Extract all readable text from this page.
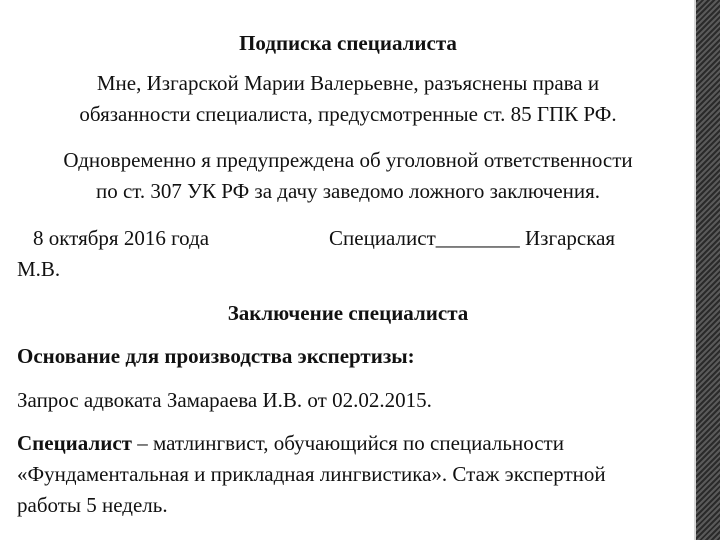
Подписка специалиста
Мне, Изгарской Марии Валерьевне, разъяснены права и
обязанности специалиста, предусмотренные ст. 85 ГПК РФ.
Одновременно я предупреждена об уголовной ответственности
по ст. 307 УК РФ за дачу заведомо ложного заключения.
8 октября 2016 года	Специалист________ Изгарская
М.В.
Заключение специалиста
Основание для производства экспертизы:
Запрос адвоката Замараева И.В. от 02.02.2015.
Специалист – матлингвист, обучающийся по специальности
«Фундаментальная и прикладная лингвистика». Стаж экспертной
работы 5 недель.
